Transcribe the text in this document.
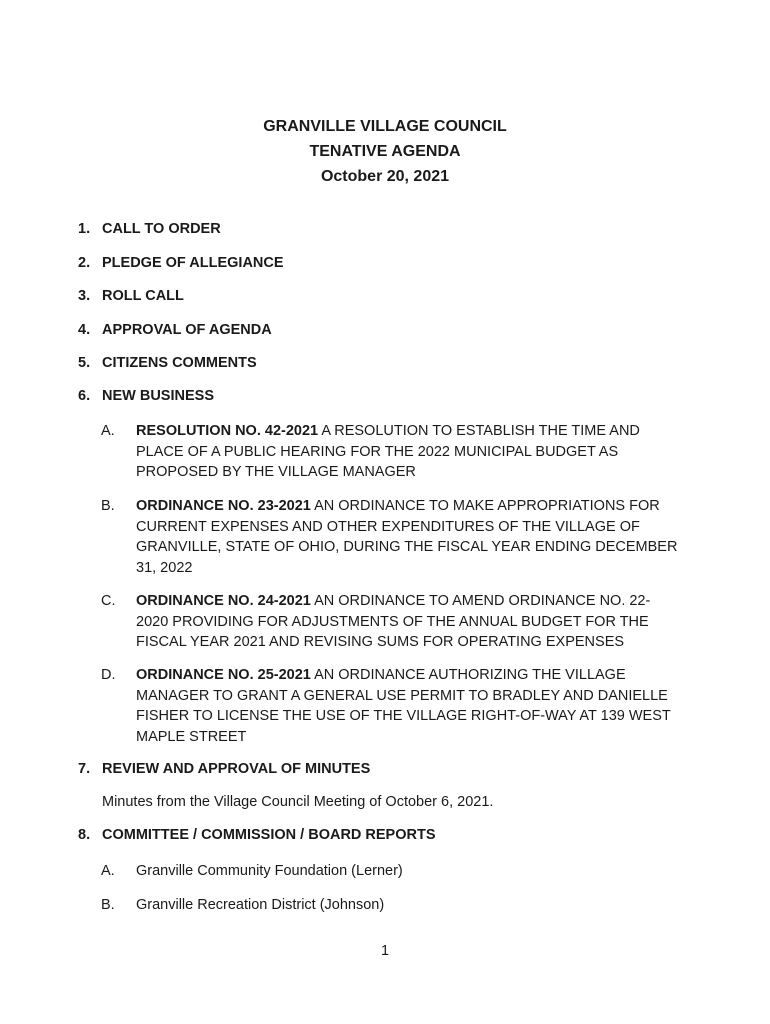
GRANVILLE VILLAGE COUNCIL
TENATIVE AGENDA
October 20, 2021
1. CALL TO ORDER
2. PLEDGE OF ALLEGIANCE
3. ROLL CALL
4. APPROVAL OF AGENDA
5. CITIZENS COMMENTS
6. NEW BUSINESS
A. RESOLUTION NO. 42-2021 A RESOLUTION TO ESTABLISH THE TIME AND PLACE OF A PUBLIC HEARING FOR THE 2022 MUNICIPAL BUDGET AS PROPOSED BY THE VILLAGE MANAGER
B. ORDINANCE NO. 23-2021 AN ORDINANCE TO MAKE APPROPRIATIONS FOR CURRENT EXPENSES AND OTHER EXPENDITURES OF THE VILLAGE OF GRANVILLE, STATE OF OHIO, DURING THE FISCAL YEAR ENDING DECEMBER 31, 2022
C. ORDINANCE NO. 24-2021 AN ORDINANCE TO AMEND ORDINANCE NO. 22-2020 PROVIDING FOR ADJUSTMENTS OF THE ANNUAL BUDGET FOR THE FISCAL YEAR 2021 AND REVISING SUMS FOR OPERATING EXPENSES
D. ORDINANCE NO. 25-2021 AN ORDINANCE AUTHORIZING THE VILLAGE MANAGER TO GRANT A GENERAL USE PERMIT TO BRADLEY AND DANIELLE FISHER TO LICENSE THE USE OF THE VILLAGE RIGHT-OF-WAY AT 139 WEST MAPLE STREET
7. REVIEW AND APPROVAL OF MINUTES
Minutes from the Village Council Meeting of October 6, 2021.
8. COMMITTEE / COMMISSION / BOARD REPORTS
A. Granville Community Foundation (Lerner)
B. Granville Recreation District (Johnson)
1
